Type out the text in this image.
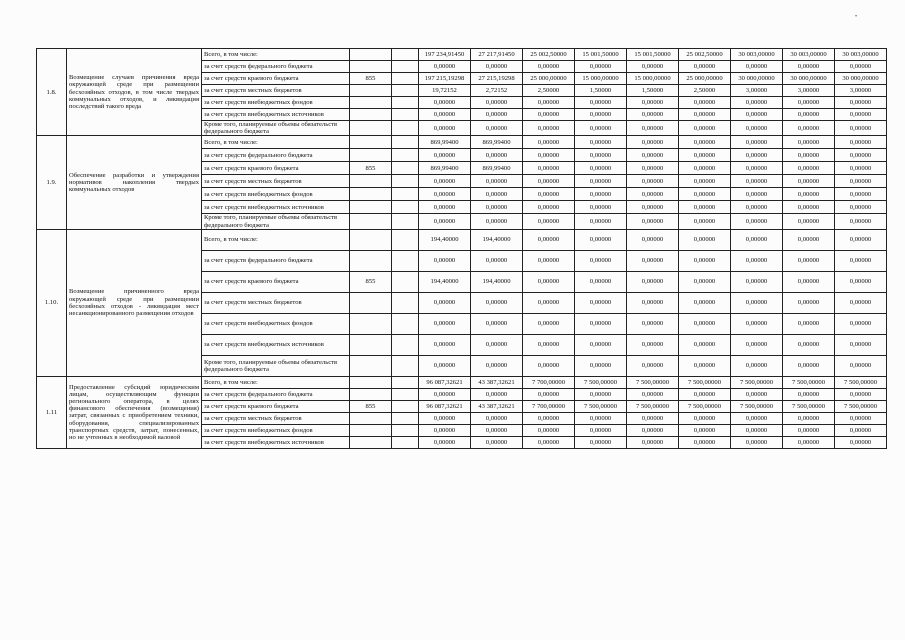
•
1.8.	Возмещение случаев причинения вреда окружающей среде при размещении бесхозяйных отходов, в том числе твердых коммунальных отходов, и ликвидация последствий такого вреда	Всего, в том числе:			197 234,91450	27 217,91450	25 002,50000	15 001,50000	15 001,50000	25 002,50000	30 003,00000	30 003,00000	30 003,00000
		за счет средств федерального бюджета			0,00000	0,00000	0,00000	0,00000	0,00000	0,00000	0,00000	0,00000	0,00000
		за счет средств краевого бюджета	855		197 215,19298	27 215,19298	25 000,00000	15 000,00000	15 000,00000	25 000,00000	30 000,00000	30 000,00000	30 000,00000
		за счет средств местных бюджетов			19,72152	2,72152	2,50000	1,50000	1,50000	2,50000	3,00000	3,00000	3,00000
		за счет средств внебюджетных фондов			0,00000	0,00000	0,00000	0,00000	0,00000	0,00000	0,00000	0,00000	0,00000
		за счет средств внебюджетных источников			0,00000	0,00000	0,00000	0,00000	0,00000	0,00000	0,00000	0,00000	0,00000
		Кроме того, планируемые объемы обязательств федерального бюджета			0,00000	0,00000	0,00000	0,00000	0,00000	0,00000	0,00000	0,00000	0,00000
1.9.	Обеспечение разработки и утверждения нормативов накопления твердых коммунальных отходов	Всего, в том числе:			869,99400	869,99400	0,00000	0,00000	0,00000	0,00000	0,00000	0,00000	0,00000
		за счет средств федерального бюджета			0,00000	0,00000	0,00000	0,00000	0,00000	0,00000	0,00000	0,00000	0,00000
		за счет средств краевого бюджета	855		869,99400	869,99400	0,00000	0,00000	0,00000	0,00000	0,00000	0,00000	0,00000
		за счет средств местных бюджетов			0,00000	0,00000	0,00000	0,00000	0,00000	0,00000	0,00000	0,00000	0,00000
		за счет средств внебюджетных фондов			0,00000	0,00000	0,00000	0,00000	0,00000	0,00000	0,00000	0,00000	0,00000
		за счет средств внебюджетных источников			0,00000	0,00000	0,00000	0,00000	0,00000	0,00000	0,00000	0,00000	0,00000
		Кроме того, планируемые объемы обязательств федерального бюджета			0,00000	0,00000	0,00000	0,00000	0,00000	0,00000	0,00000	0,00000	0,00000
1.10.	Возмещение причиненного вреда окружающей среде при размещении бесхозяйных отходов - ликвидация мест несанкционированного размещения отходов	Всего, в том числе:			194,40000	194,40000	0,00000	0,00000	0,00000	0,00000	0,00000	0,00000	0,00000
		за счет средств федерального бюджета			0,00000	0,00000	0,00000	0,00000	0,00000	0,00000	0,00000	0,00000	0,00000
		за счет средств краевого бюджета	855		194,40000	194,40000	0,00000	0,00000	0,00000	0,00000	0,00000	0,00000	0,00000
		за счет средств местных бюджетов			0,00000	0,00000	0,00000	0,00000	0,00000	0,00000	0,00000	0,00000	0,00000
		за счет средств внебюджетных фондов			0,00000	0,00000	0,00000	0,00000	0,00000	0,00000	0,00000	0,00000	0,00000
		за счет средств внебюджетных источников			0,00000	0,00000	0,00000	0,00000	0,00000	0,00000	0,00000	0,00000	0,00000
		Кроме того, планируемые объемы обязательств федерального бюджета			0,00000	0,00000	0,00000	0,00000	0,00000	0,00000	0,00000	0,00000	0,00000
1.11	Предоставление субсидий юридическим лицам, осуществляющим функции регионального оператора, в целях финансового обеспечения (возмещения) затрат, связанных с приобретением техники, оборудования, специализированных транспортных средств, затрат, понесенных, но не учтенных в необходимой валовой	Всего, в том числе:			96 087,32621	43 387,32621	7 700,00000	7 500,00000	7 500,00000	7 500,00000	7 500,00000	7 500,00000	7 500,00000
		за счет средств федерального бюджета			0,00000	0,00000	0,00000	0,00000	0,00000	0,00000	0,00000	0,00000	0,00000
		за счет средств краевого бюджета	855		96 087,32621	43 387,32621	7 700,00000	7 500,00000	7 500,00000	7 500,00000	7 500,00000	7 500,00000	7 500,00000
		за счет средств местных бюджетов			0,00000	0,00000	0,00000	0,00000	0,00000	0,00000	0,00000	0,00000	0,00000
		за счет средств внебюджетных фондов			0,00000	0,00000	0,00000	0,00000	0,00000	0,00000	0,00000	0,00000	0,00000
		за счет средств внебюджетных источников			0,00000	0,00000	0,00000	0,00000	0,00000	0,00000	0,00000	0,00000	0,00000
